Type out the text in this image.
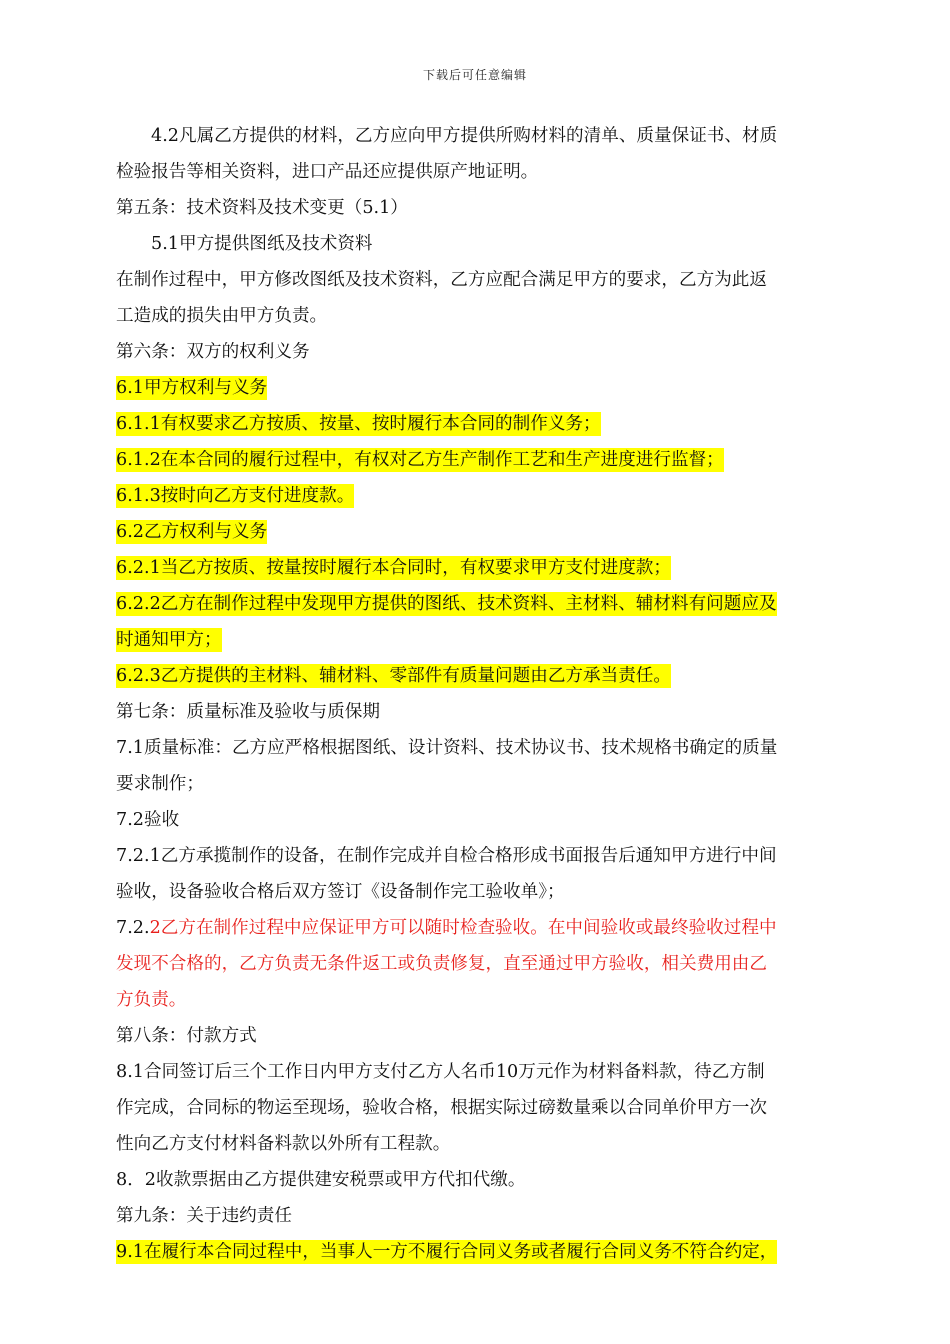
下载后可任意编辑
4.2凡属乙方提供的材料，乙方应向甲方提供所购材料的清单、质量保证书、材质
检验报告等相关资料，进口产品还应提供原产地证明。
第五条：技术资料及技术变更（5.1）
5.1甲方提供图纸及技术资料
在制作过程中，甲方修改图纸及技术资料，乙方应配合满足甲方的要求，乙方为此返
工造成的损失由甲方负责。
第六条：双方的权利义务
6.1甲方权利与义务
6.1.1有权要求乙方按质、按量、按时履行本合同的制作义务；
6.1.2在本合同的履行过程中，有权对乙方生产制作工艺和生产进度进行监督；
6.1.3按时向乙方支付进度款。
6.2乙方权利与义务
6.2.1当乙方按质、按量按时履行本合同时，有权要求甲方支付进度款；
6.2.2乙方在制作过程中发现甲方提供的图纸、技术资料、主材料、辅材料有问题应及
时通知甲方；
6.2.3乙方提供的主材料、辅材料、零部件有质量问题由乙方承当责任。
第七条：质量标准及验收与质保期
7.1质量标准：乙方应严格根据图纸、设计资料、技术协议书、技术规格书确定的质量
要求制作；
7.2验收
7.2.1乙方承揽制作的设备，在制作完成并自检合格形成书面报告后通知甲方进行中间
验收，设备验收合格后双方签订《设备制作完工验收单》；
7.2.2乙方在制作过程中应保证甲方可以随时检查验收。在中间验收或最终验收过程中
发现不合格的，乙方负责无条件返工或负责修复，直至通过甲方验收，相关费用由乙
方负责。
第八条：付款方式
8.1合同签订后三个工作日内甲方支付乙方人名币10万元作为材料备料款，待乙方制
作完成，合同标的物运至现场，验收合格，根据实际过磅数量乘以合同单价甲方一次
性向乙方支付材料备料款以外所有工程款。
8．2收款票据由乙方提供建安税票或甲方代扣代缴。
第九条：关于违约责任
9.1在履行本合同过程中，当事人一方不履行合同义务或者履行合同义务不符合约定，
